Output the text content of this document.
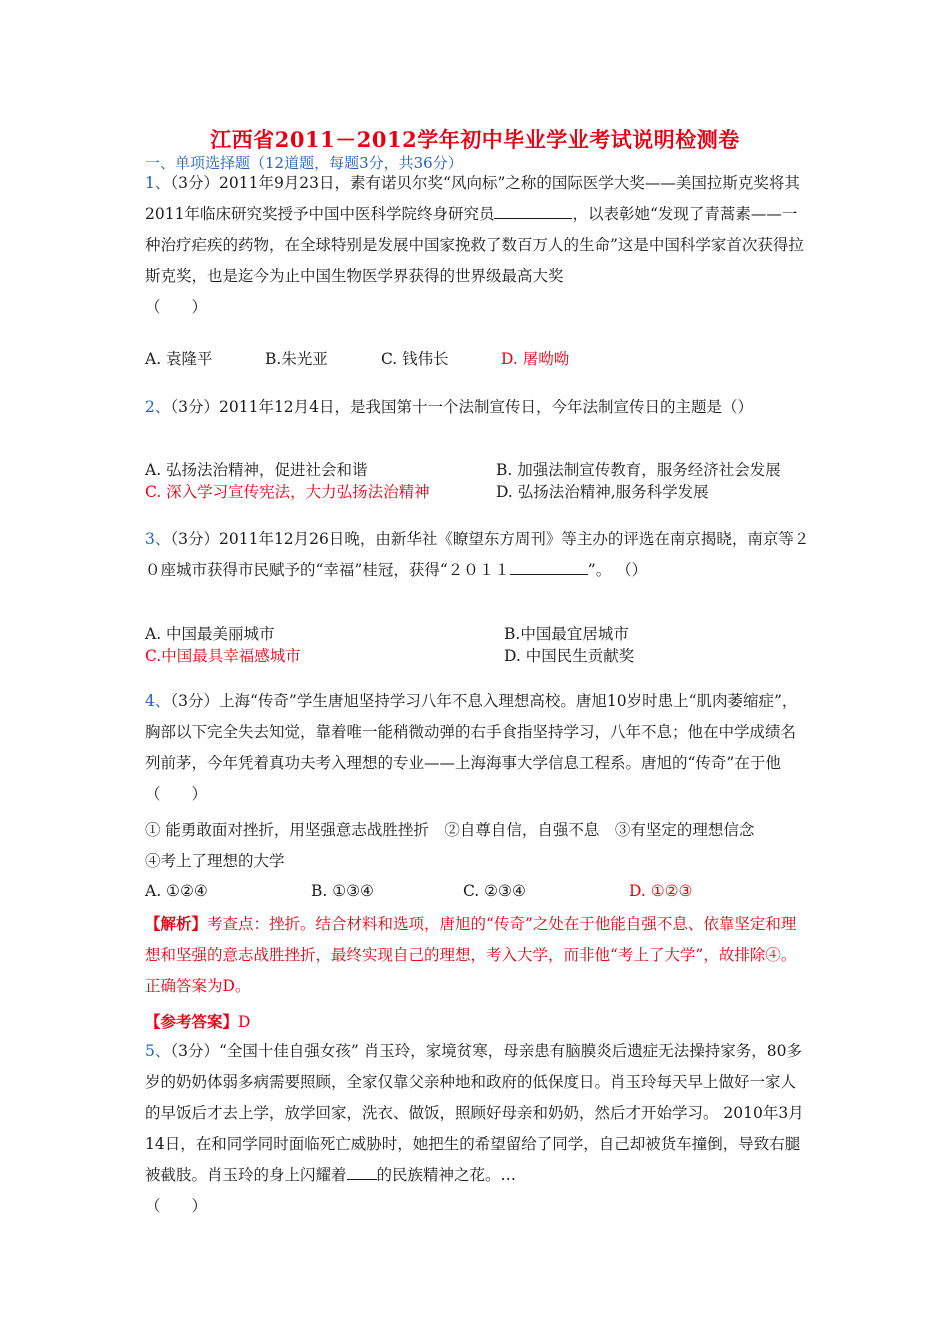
江西省2011－2012学年初中毕业学业考试说明检测卷
一、单项选择题（12道题，每题3分，共36分）
1、（3分）2011年9月23日，素有诺贝尔奖“风向标”之称的国际医学大奖——美国拉斯克奖将其2011年临床研究奖授予中国中医科学院终身研究员	，以表彰她“发现了青蒿素——一种治疗疟疾的药物，在全球特别是发展中国家挽救了数百万人的生命”这是中国科学家首次获得拉斯克奖，也是迄今为止中国生物医学界获得的世界级最高大奖
（　　）
A. 袁隆平	B.朱光亚	C. 钱伟长	D. 屠呦呦
2、（3分）2011年12月4日，是我国第十一个法制宣传日，今年法制宣传日的主题是（）
A. 弘扬法治精神，促进社会和谐	B. 加强法制宣传教育，服务经济社会发展
C. 深入学习宣传宪法，大力弘扬法治精神	D. 弘扬法治精神,服务科学发展
3、（3分）2011年12月26日晚，由新华社《瞭望东方周刊》等主办的评选在南京揭晓，南京等２０座城市获得市民赋予的“幸福”桂冠，获得“２０１１	”。 （）
A. 中国最美丽城市	B.中国最宜居城市
C.中国最具幸福感城市	D. 中国民生贡献奖
4、（3分）上海“传奇”学生唐旭坚持学习八年不息入理想高校。唐旭10岁时患上“肌肉萎缩症”，胸部以下完全失去知觉，靠着唯一能稍微动弹的右手食指坚持学习，八年不息；他在中学成绩名列前茅，今年凭着真功夫考入理想的专业——上海海事大学信息工程系。唐旭的“传奇”在于他（　　）
① 能勇敢面对挫折，用坚强意志战胜挫折　②自尊自信，自强不息　③有坚定的理想信念
④考上了理想的大学
A. ①②④	B. ①③④	C. ②③④	D. ①②③
【解析】考查点：挫折。结合材料和选项，唐旭的“传奇”之处在于他能自强不息、依靠坚定和理想和坚强的意志战胜挫折，最终实现自己的理想，考入大学，而非他“考上了大学”，故排除④。正确答案为D。
【参考答案】D
5、（3分）“全国十佳自强女孩” 肖玉玲，家境贫寒，母亲患有脑膜炎后遗症无法操持家务，80多岁的奶奶体弱多病需要照顾，全家仅靠父亲种地和政府的低保度日。肖玉玲每天早上做好一家人的早饭后才去上学，放学回家，洗衣、做饭，照顾好母亲和奶奶，然后才开始学习。 2010年3月14日，在和同学同时面临死亡威胁时，她把生的希望留给了同学，自己却被货车撞倒，导致右腿被截肢。肖玉玲的身上闪耀着 的民族精神之花。…
（　　）
